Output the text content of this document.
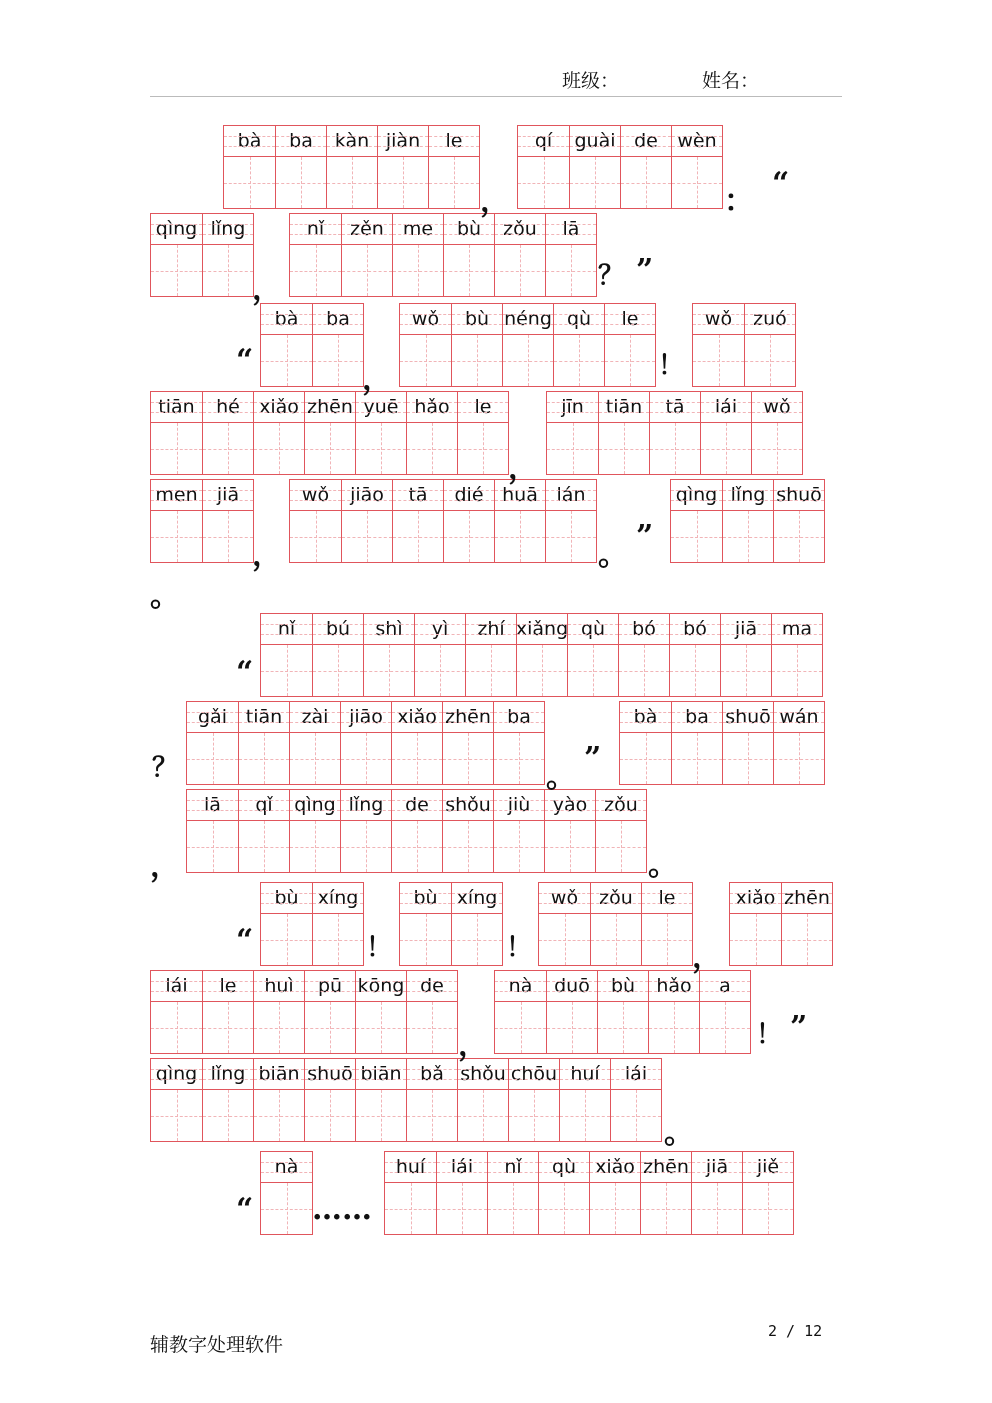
班级：	姓名：
bà	ba	kàn jiàn	le	qí	guài de	wèn
qìng lǐng	nǐ	zěn	me	bù	zǒu	lā
bà	ba	wǒ	bù néng qù	le	wǒ	zuó
tiān	hé	xiǎo zhēn yuē hǎo	le	jīn	tiān	tā	lái	wǒ
men	jiā	wǒ	jiāo	tā	dié huā lán	qìng lǐng shuō
nǐ	bú	shì	yì	zhí xiǎng qù	bó	bó	jiā	ma
gǎi tiān	zài	jiāo xiǎo zhēn ba	bà	ba shuō wán
lā	qǐ	qìng lǐng	de shǒu jiù	yào zǒu
bù	xíng	bù	xíng	wǒ	zǒu	le	xiǎo zhēn
lái	le	huì	pū kōng de	nà	duō	bù	hǎo	a
qìng lǐng biān shuō biān bǎ shǒu chōu huí	lái
nà	huí	lái	nǐ	qù	xiǎo zhēn jiā	jiě
，	：
“
，	？ ”
“
，	！
，
，	。
”
。
“
？	。
”
，	。
“	！	！	，
，	！ ”
。
“ ……
辅教字处理软件
2 / 12
